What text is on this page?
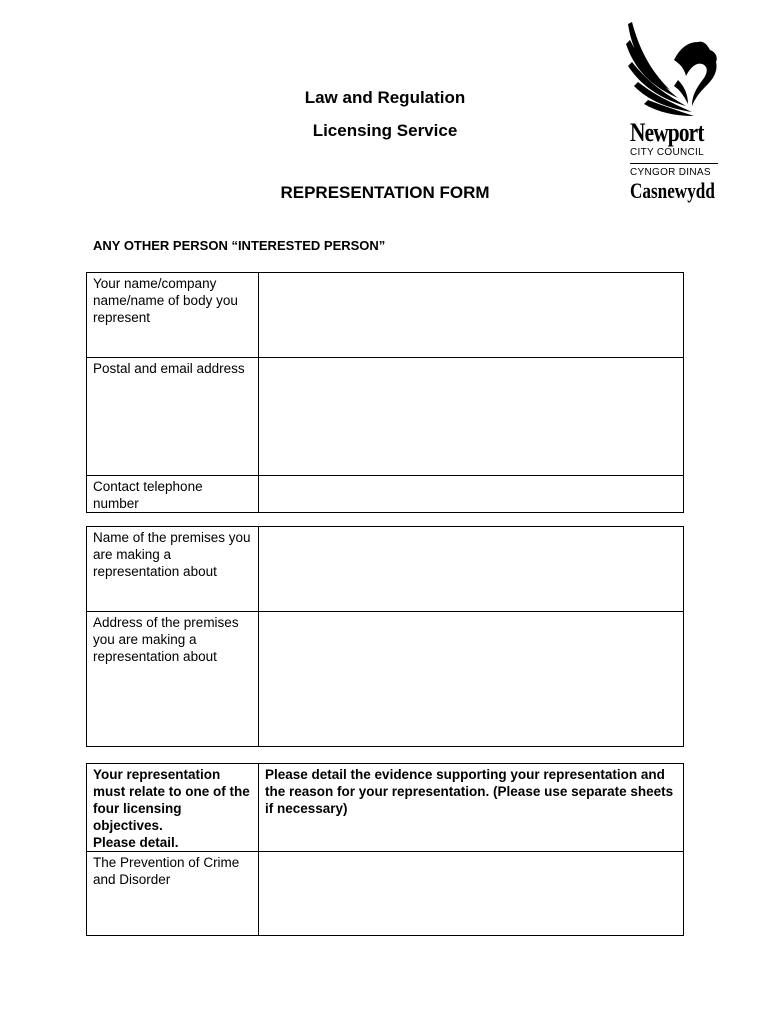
Law and Regulation
Licensing Service
REPRESENTATION FORM
ANY OTHER PERSON “INTERESTED PERSON”
Newport
CITY COUNCIL
CYNGOR DINAS
Casnewydd
Your name/company name/name of body you represent	
Postal and email address	
Contact telephone number	
Name of the premises you are making a representation about	
Address of the premises you are making a representation about	
Your representation must relate to one of the four licensing objectives.
Please detail.	Please detail the evidence supporting your representation and the reason for your representation. (Please use separate sheets if necessary)
The Prevention of Crime and Disorder	
